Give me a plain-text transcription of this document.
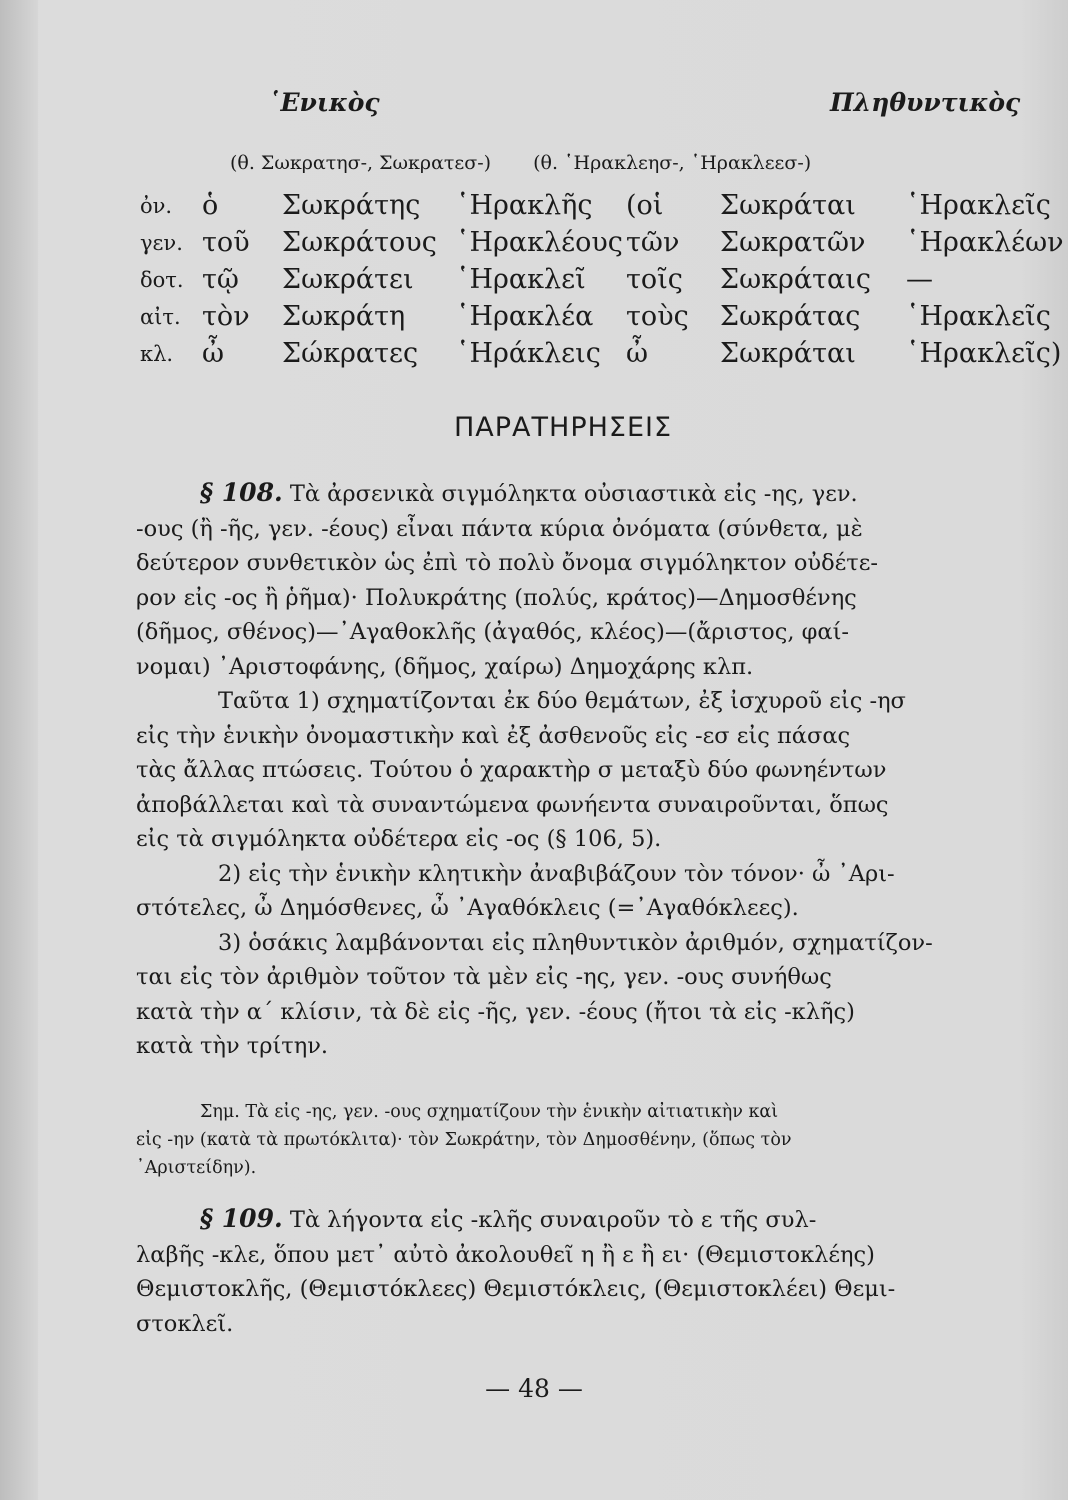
῾Ενικὸς	Πληθυντικὸς
(θ. Σωκρατησ-, Σωκρατεσ-) (θ. ῾Ηρακλεησ-, ῾Ηρακλεεσ-)
ὀν. ὁ Σωκράτης ῾Ηρακλῆς (οἱ Σωκράται ῾Ηρακλεῖς
γεν. τοῦ Σωκράτους ῾Ηρακλέους τῶν Σωκρατῶν ῾Ηρακλέων
δοτ. τῷ Σωκράτει ῾Ηρακλεῖ τοῖς Σωκράταις —
αἰτ. τὸν Σωκράτη ῾Ηρακλέα τοὺς Σωκράτας ῾Ηρακλεῖς
κλ. ὦ Σώκρατες ῾Ηράκλεις ὦ	Σωκράται ῾Ηρακλεῖς)
ΠΑΡΑΤΗΡΗΣΕΙΣ
§ 108. Τὰ ἀρσενικὰ σιγμόληκτα οὐσιαστικὰ εἰς -ης, γεν.
-ους (ἢ -ῆς, γεν. -έους) εἶναι πάντα κύρια ὀνόματα (σύνθετα, μὲ
δεύτερον συνθετικὸν ὡς ἐπὶ τὸ πολὺ ὄνομα σιγμόληκτον οὐδέτε-
ρον εἰς -ος ἢ ῥῆμα)· Πολυκράτης (πολύς, κράτος)—Δημοσθένης
(δῆμος, σθένος)—᾿Αγαθοκλῆς (ἀγαθός, κλέος)—(ἄριστος, φαί-
νομαι) ᾿Αριστοφάνης, (δῆμος, χαίρω) Δημοχάρης κλπ.
Ταῦτα 1) σχηματίζονται ἐκ δύο θεμάτων, ἐξ ἰσχυροῦ εἰς -ησ
εἰς τὴν ἑνικὴν ὀνομαστικὴν καὶ ἐξ ἀσθενοῦς εἰς -εσ εἰς πάσας
τὰς ἄλλας πτώσεις. Τούτου ὁ χαρακτὴρ σ μεταξὺ δύο φωνηέντων
ἀποβάλλεται καὶ τὰ συναντώμενα φωνήεντα συναιροῦνται, ὅπως
εἰς τὰ σιγμόληκτα οὐδέτερα εἰς -ος (§ 106, 5).
2) εἰς τὴν ἑνικὴν κλητικὴν ἀναβιβάζουν τὸν τόνον· ὦ ᾿Αρι-
στότελες, ὦ Δημόσθενες, ὦ ᾿Αγαθόκλεις (=᾿Αγαθόκλεες).
3) ὁσάκις λαμβάνονται εἰς πληθυντικὸν ἀριθμόν, σχηματίζον-
ται εἰς τὸν ἀριθμὸν τοῦτον τὰ μὲν εἰς -ης, γεν. -ους συνήθως
κατὰ τὴν α´ κλίσιν, τὰ δὲ εἰς -ῆς, γεν. -έους (ἤτοι τὰ εἰς -κλῆς)
κατὰ τὴν τρίτην.
Σημ. Τὰ εἰς -ης, γεν. -ους σχηματίζουν τὴν ἑνικὴν αἰτιατικὴν καὶ
εἰς -ην (κατὰ τὰ πρωτόκλιτα)· τὸν Σωκράτην, τὸν Δημοσθένην, (ὅπως τὸν
᾿Αριστείδην).
§ 109. Τὰ λήγοντα εἰς -κλῆς συναιροῦν τὸ ε τῆς συλ-
λαβῆς -κλε, ὅπου μετ᾿ αὐτὸ ἀκολουθεῖ η ἢ ε ἢ ει· (Θεμιστοκλέης)
Θεμιστοκλῆς, (Θεμιστόκλεες) Θεμιστόκλεις, (Θεμιστοκλέει) Θεμι-
στοκλεῖ.
— 48 —
